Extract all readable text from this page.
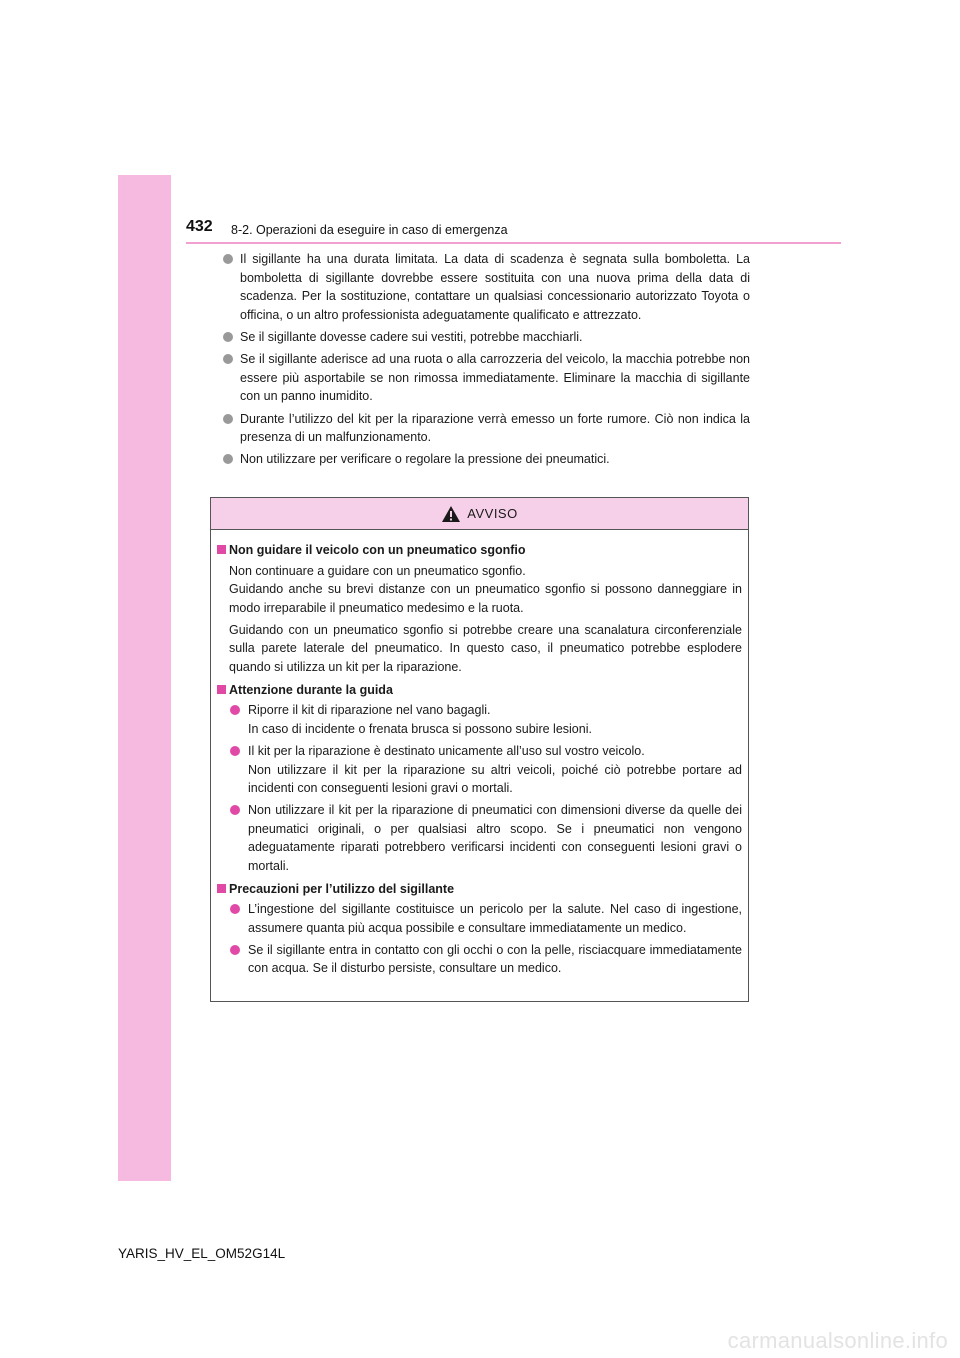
432 8-2. Operazioni da eseguire in caso di emergenza
Il sigillante ha una durata limitata. La data di scadenza è segnata sulla bomboletta. La bomboletta di sigillante dovrebbe essere sostituita con una nuova prima della data di scadenza. Per la sostituzione, contattare un qualsiasi concessionario autorizzato Toyota o officina, o un altro professionista adeguatamente qualificato e attrezzato.
Se il sigillante dovesse cadere sui vestiti, potrebbe macchiarli.
Se il sigillante aderisce ad una ruota o alla carrozzeria del veicolo, la macchia potrebbe non essere più asportabile se non rimossa immediatamente. Eliminare la macchia di sigillante con un panno inumidito.
Durante l’utilizzo del kit per la riparazione verrà emesso un forte rumore. Ciò non indica la presenza di un malfunzionamento.
Non utilizzare per verificare o regolare la pressione dei pneumatici.
AVVISO
Non guidare il veicolo con un pneumatico sgonfio
Non continuare a guidare con un pneumatico sgonfio.
Guidando anche su brevi distanze con un pneumatico sgonfio si possono danneggiare in modo irreparabile il pneumatico medesimo e la ruota.
Guidando con un pneumatico sgonfio si potrebbe creare una scanalatura circonferenziale sulla parete laterale del pneumatico. In questo caso, il pneumatico potrebbe esplodere quando si utilizza un kit per la riparazione.
Attenzione durante la guida
Riporre il kit di riparazione nel vano bagagli.
In caso di incidente o frenata brusca si possono subire lesioni.
Il kit per la riparazione è destinato unicamente all’uso sul vostro veicolo.
Non utilizzare il kit per la riparazione su altri veicoli, poiché ciò potrebbe portare ad incidenti con conseguenti lesioni gravi o mortali.
Non utilizzare il kit per la riparazione di pneumatici con dimensioni diverse da quelle dei pneumatici originali, o per qualsiasi altro scopo. Se i pneumatici non vengono adeguatamente riparati potrebbero verificarsi incidenti con conseguenti lesioni gravi o mortali.
Precauzioni per l’utilizzo del sigillante
L’ingestione del sigillante costituisce un pericolo per la salute. Nel caso di ingestione, assumere quanta più acqua possibile e consultare immediatamente un medico.
Se il sigillante entra in contatto con gli occhi o con la pelle, risciacquare immediatamente con acqua. Se il disturbo persiste, consultare un medico.
YARIS_HV_EL_OM52G14L
carmanualsonline.info
